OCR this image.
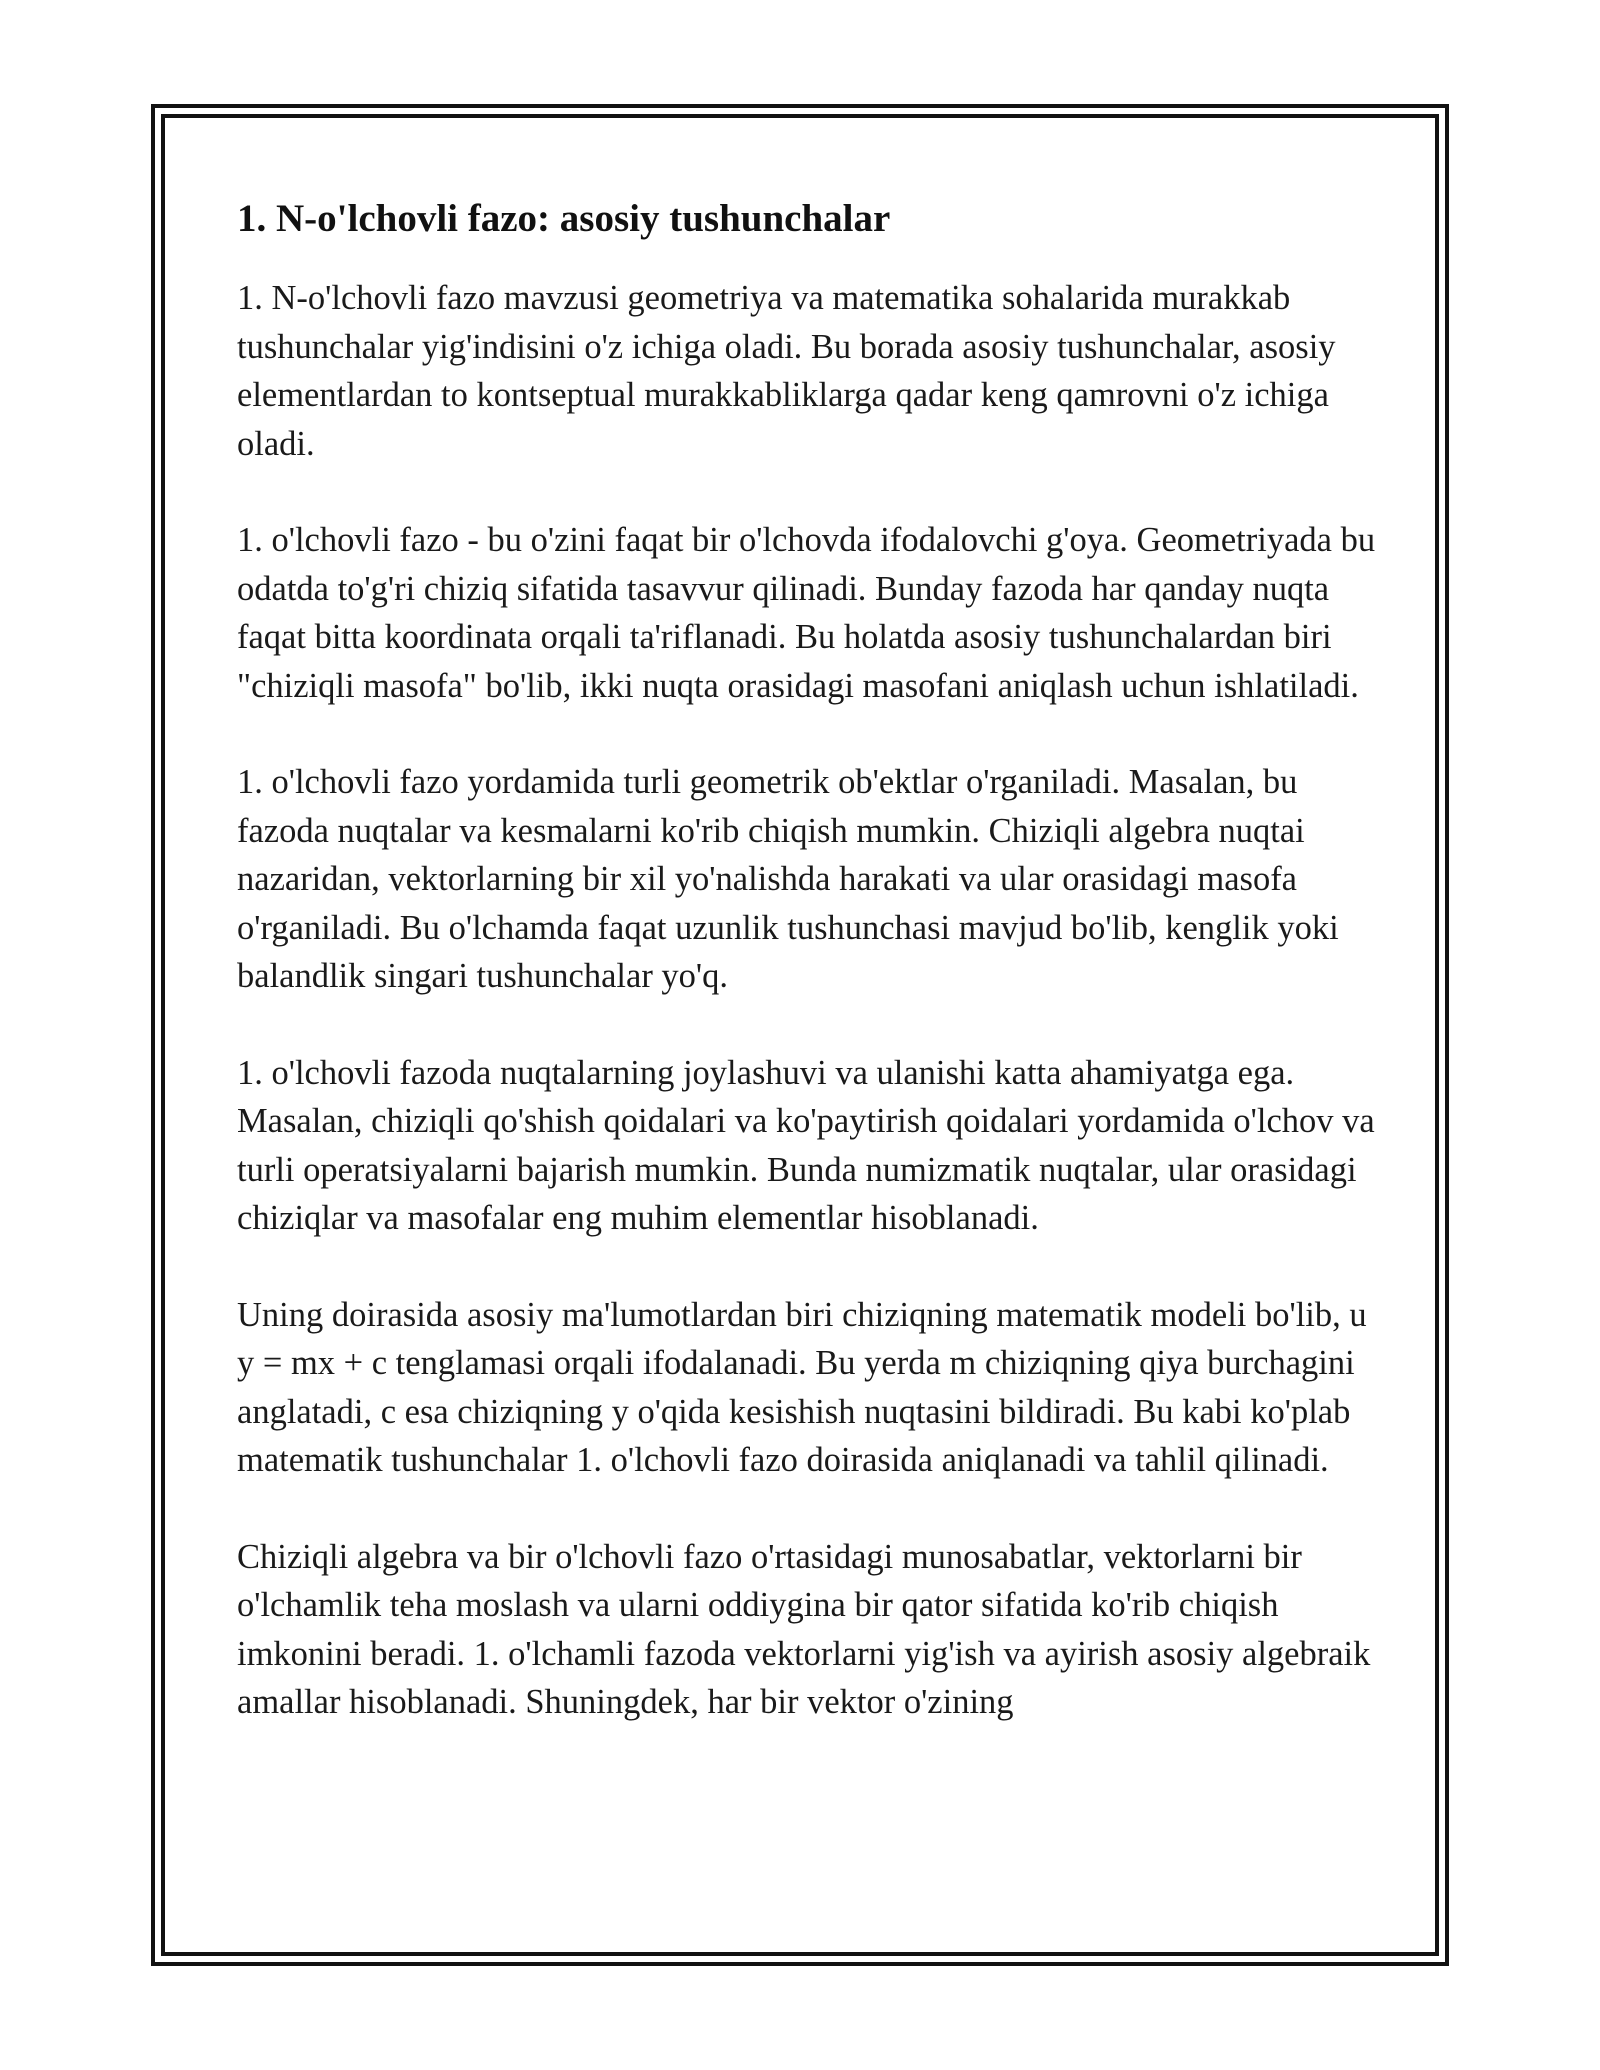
1. N-o'lchovli fazo: asosiy tushunchalar

1. N-o'lchovli fazo mavzusi geometriya va matematika sohalarida murakkab tushunchalar yig'indisini o'z ichiga oladi. Bu borada asosiy tushunchalar, asosiy elementlardan to kontseptual murakkabliklarga qadar keng qamrovni o'z ichiga oladi.

1. o'lchovli fazo - bu o'zini faqat bir o'lchovda ifodalovchi g'oya. Geometriyada bu odatda to'g'ri chiziq sifatida tasavvur qilinadi. Bunday fazoda har qanday nuqta faqat bitta koordinata orqali ta'riflanadi. Bu holatda asosiy tushunchalardan biri "chiziqli masofa" bo'lib, ikki nuqta orasidagi masofani aniqlash uchun ishlatiladi.

1. o'lchovli fazo yordamida turli geometrik ob'ektlar o'rganiladi. Masalan, bu fazoda nuqtalar va kesmalarni ko'rib chiqish mumkin. Chiziqli algebra nuqtai nazaridan, vektorlarning bir xil yo'nalishda harakati va ular orasidagi masofa o'rganiladi. Bu o'lchamda faqat uzunlik tushunchasi mavjud bo'lib, kenglik yoki balandlik singari tushunchalar yo'q.

1. o'lchovli fazoda nuqtalarning joylashuvi va ulanishi katta ahamiyatga ega. Masalan, chiziqli qo'shish qoidalari va ko'paytirish qoidalari yordamida o'lchov va turli operatsiyalarni bajarish mumkin. Bunda numizmatik nuqtalar, ular orasidagi chiziqlar va masofalar eng muhim elementlar hisoblanadi.

Uning doirasida asosiy ma'lumotlardan biri chiziqning matematik modeli bo'lib, u y = mx + c tenglamasi orqali ifodalanadi. Bu yerda m chiziqning qiya burchagini anglatadi, c esa chiziqning y o'qida kesishish nuqtasini bildiradi. Bu kabi ko'plab matematik tushunchalar 1. o'lchovli fazo doirasida aniqlanadi va tahlil qilinadi.

Chiziqli algebra va bir o'lchovli fazo o'rtasidagi munosabatlar, vektorlarni bir o'lchamlik teha moslash va ularni oddiygina bir qator sifatida ko'rib chiqish imkonini beradi. 1. o'lchamli fazoda vektorlarni yig'ish va ayirish asosiy algebraik amallar hisoblanadi. Shuningdek, har bir vektor o'zining
